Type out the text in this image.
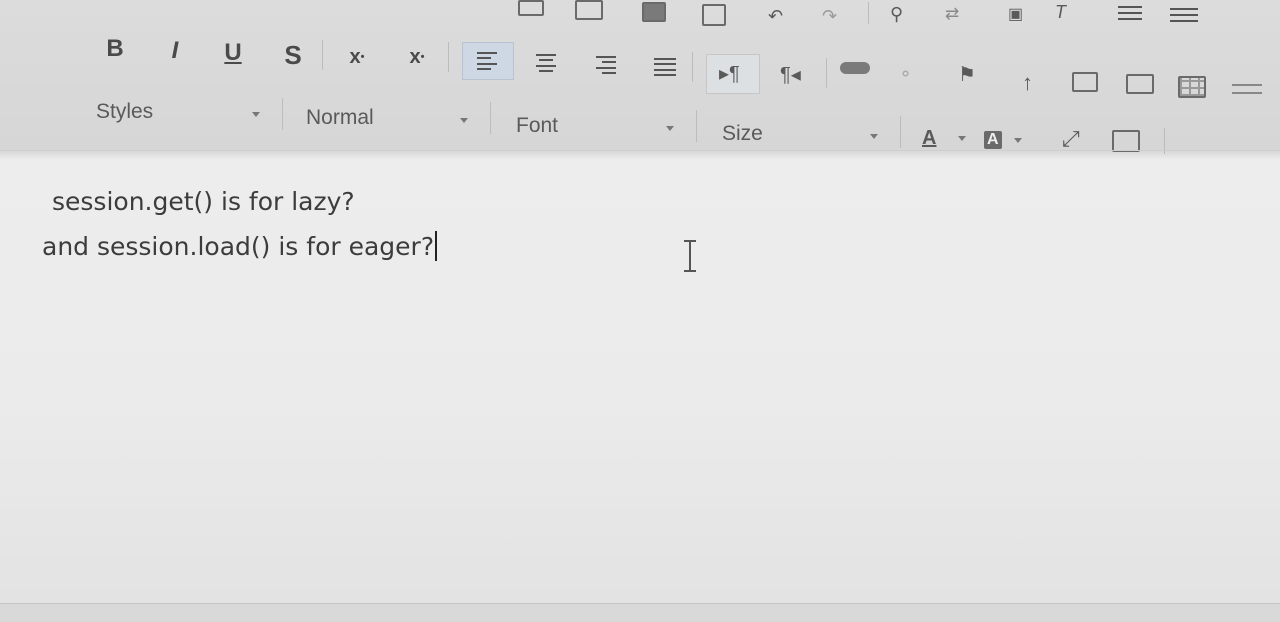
↶ ↷	⚲ ⇄	▣ T
B	I	U S	x • x •
▸¶ ¶◂	⚬ ⚑ ↑
Styles	Normal	Font	Size	A	A	⤢
session.get() is for lazy?
and session.load() is for eager?
